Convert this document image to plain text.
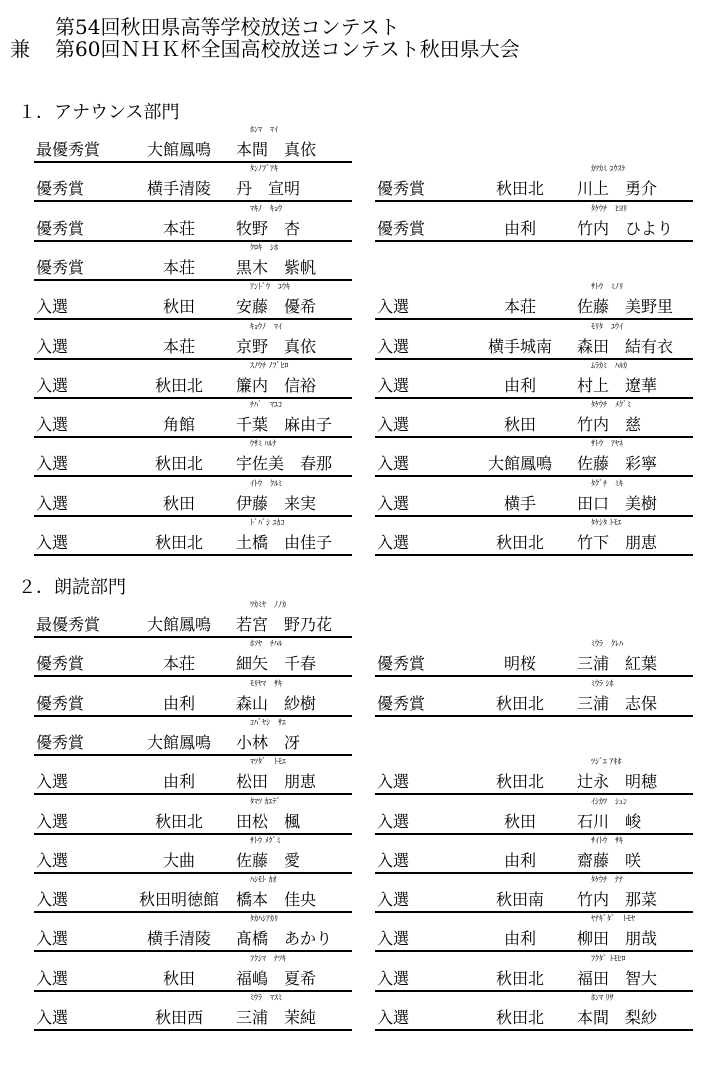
第54回秋田県高等学校放送コンテスト
兼 第60回ＮＨＫ杯全国高校放送コンテスト秋田県大会
１．アナウンス部門
２．朗読部門
ﾎﾝﾏ　ﾏｲ
最優秀賞	大館鳳鳴	本間　真依
ﾀﾝﾉﾌﾞｱｷ
優秀賞	横手清陵	丹　宣明
ｶﾜｶﾐ ﾕｳｽｹ
優秀賞	秋田北	川上　勇介
ﾏｷﾉ　ｷｮｳ
優秀賞	本荘	牧野　杏
ﾀｹｳﾁ　ﾋﾖﾘ
優秀賞	由利	竹内　ひより
ｸﾛｷ　ｼﾎ
優秀賞	本荘	黒木　紫帆
ｱﾝﾄﾞｳ　ﾕｳｷ
入選	秋田	安藤　優希
ｻﾄｳ　ﾐﾉﾘ
入選	本荘	佐藤　美野里
ｷｮｳﾉ　ﾏｲ
入選	本荘	京野　真依
ﾓﾘﾀ　ﾕｳｲ
入選	横手城南	森田　結有衣
ｽﾉｳﾁ ﾉﾌﾞﾋﾛ
入選	秋田北	簾内　信裕
ﾑﾗｶﾐ　ﾊﾙｶ
入選	由利	村上　遼華
ﾁﾊﾞ　ﾏﾕｺ
入選	角館	千葉　麻由子
ﾀｹｳﾁ　ﾒｸﾞﾐ
入選	秋田	竹内　慈
ｳｻﾐ ﾊﾙﾅ
入選	秋田北	宇佐美　春那
ｻﾄｳ　ｱﾔﾈ
入選	大館鳳鳴	佐藤　彩寧
ｲﾄｳ　ｸﾙﾐ
入選	秋田	伊藤　来実
ﾀｸﾞﾁ　ﾐｷ
入選	横手	田口　美樹
ﾄﾞﾊﾞｼ ﾕｶｺ
入選	秋田北	土橋　由佳子
ﾀｹｼﾀ ﾄﾓｴ
入選	秋田北	竹下　朋恵
ﾜｶﾐﾔ　ﾉﾉｶ
最優秀賞	大館鳳鳴	若宮　野乃花
ﾎｿﾔ　ﾁﾊﾙ
優秀賞	本荘	細矢　千春
ﾐｳﾗ　ｸﾚﾊ
優秀賞	明桜	三浦　紅葉
ﾓﾘﾔﾏ　ｻｷ
優秀賞	由利	森山　紗樹
ﾐｳﾗ ｼﾎ
優秀賞	秋田北	三浦　志保
ｺﾊﾞﾔｼ　ｻｴ
優秀賞	大館鳳鳴	小林　冴
ﾏﾂﾀﾞ　ﾄﾓｴ
入選	由利	松田　朋恵
ﾂｼﾞｴ ｱｷﾎ
入選	秋田北	辻永　明穂
ﾀﾏﾂ ｶｴﾃﾞ
入選	秋田北	田松　楓
ｲｼｶﾜ　ｼｭﾝ
入選	秋田	石川　峻
ｻﾄｳ ﾒｸﾞﾐ
入選	大曲	佐藤　愛
ｻｲﾄｳ　ｻｷ
入選	由利	齋藤　咲
ﾊｼﾓﾄ ｶｵ
入選	秋田明徳館	橋本　佳央
ﾀｹｳﾁ　ﾅﾅ
入選	秋田南	竹内　那菜
ﾀｶﾊｼｱｶﾘ
入選	横手清陵	髙橋　あかり
ﾔﾅｷﾞﾀﾞ　ﾄﾓﾔ
入選	由利	柳田　朋哉
ﾌｸｼﾏ　ﾅﾂｷ
入選	秋田	福嶋　夏希
ﾌｸﾀﾞ ﾄﾓﾋﾛ
入選	秋田北	福田　智大
ﾐｳﾗ　ﾏｽﾐ
入選	秋田西	三浦　茉純
ﾎﾝﾏ ﾘｻ
入選	秋田北	本間　梨紗
